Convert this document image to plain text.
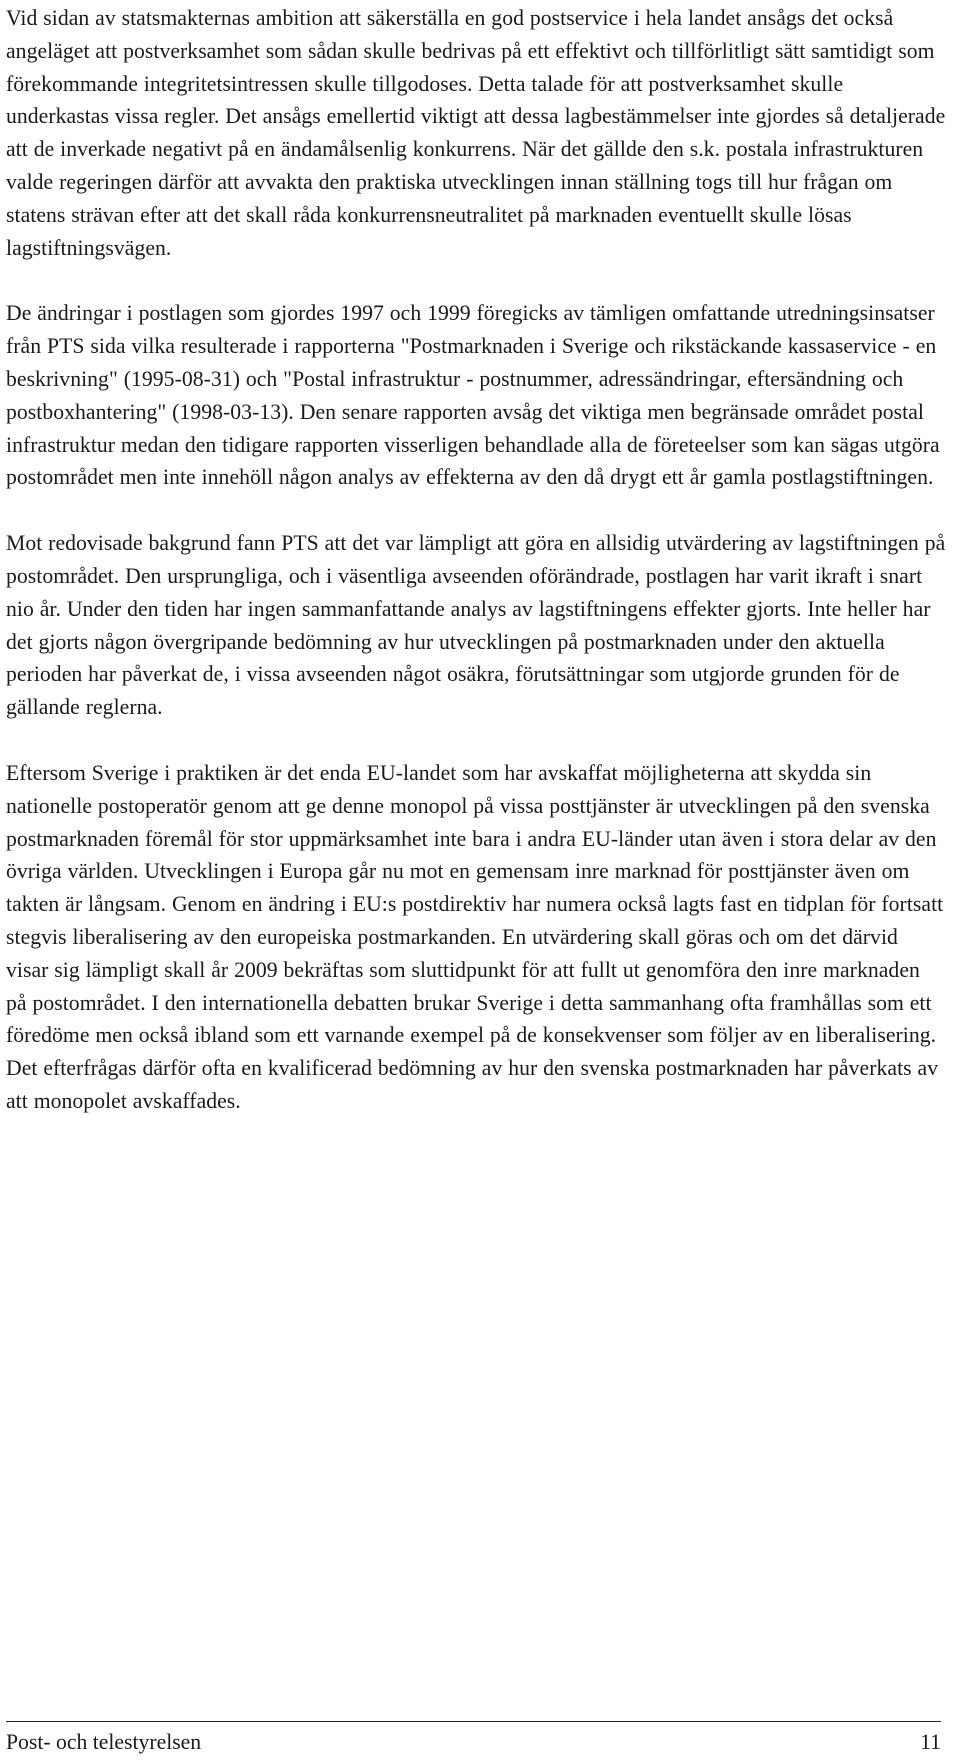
Vid sidan av statsmakternas ambition att säkerställa en god postservice i hela landet ansågs det också angeläget att postverksamhet som sådan skulle bedrivas på ett effektivt och tillförlitligt sätt samtidigt som förekommande integritetsintressen skulle tillgodoses. Detta talade för att postverksamhet skulle underkastas vissa regler. Det ansågs emellertid viktigt att dessa lagbestämmelser inte gjordes så detaljerade att de inverkade negativt på en ändamålsenlig konkurrens. När det gällde den s.k. postala infrastrukturen valde regeringen därför att avvakta den praktiska utvecklingen innan ställning togs till hur frågan om statens strävan efter att det skall råda konkurrensneutralitet på marknaden eventuellt skulle lösas lagstiftningsvägen.

De ändringar i postlagen som gjordes 1997 och 1999 föregicks av tämligen omfattande utredningsinsatser från PTS sida vilka resulterade i rapporterna "Postmarknaden i Sverige och rikstäckande kassaservice - en beskrivning" (1995-08-31) och "Postal infrastruktur - postnummer, adressändringar, eftersändning och postboxhantering" (1998-03-13). Den senare rapporten avsåg det viktiga men begränsade området postal infrastruktur medan den tidigare rapporten visserligen behandlade alla de företeelser som kan sägas utgöra postområdet men inte innehöll någon analys av effekterna av den då drygt ett år gamla postlagstiftningen.

Mot redovisade bakgrund fann PTS att det var lämpligt att göra en allsidig utvärdering av lagstiftningen på postområdet. Den ursprungliga, och i väsentliga avseenden oförändrade, postlagen har varit ikraft i snart nio år. Under den tiden har ingen sammanfattande analys av lagstiftningens effekter gjorts. Inte heller har det gjorts någon övergripande bedömning av hur utvecklingen på postmarknaden under den aktuella perioden har påverkat de, i vissa avseenden något osäkra, förutsättningar som utgjorde grunden för de gällande reglerna.

Eftersom Sverige i praktiken är det enda EU-landet som har avskaffat möjligheterna att skydda sin nationelle postoperatör genom att ge denne monopol på vissa posttjänster är utvecklingen på den svenska postmarknaden föremål för stor uppmärksamhet inte bara i andra EU-länder utan även i stora delar av den övriga världen. Utvecklingen i Europa går nu mot en gemensam inre marknad för posttjänster även om takten är långsam. Genom en ändring i EU:s postdirektiv har numera också lagts fast en tidplan för fortsatt stegvis liberalisering av den europeiska postmarkanden. En utvärdering skall göras och om det därvid visar sig lämpligt skall år 2009 bekräftas som sluttidpunkt för att fullt ut genomföra den inre marknaden på postområdet. I den internationella debatten brukar Sverige i detta sammanhang ofta framhållas som ett föredöme men också ibland som ett varnande exempel på de konsekvenser som följer av en liberalisering. Det efterfrågas därför ofta en kvalificerad bedömning av hur den svenska postmarknaden har påverkats av att monopolet avskaffades.

Post- och telestyrelsen	11
